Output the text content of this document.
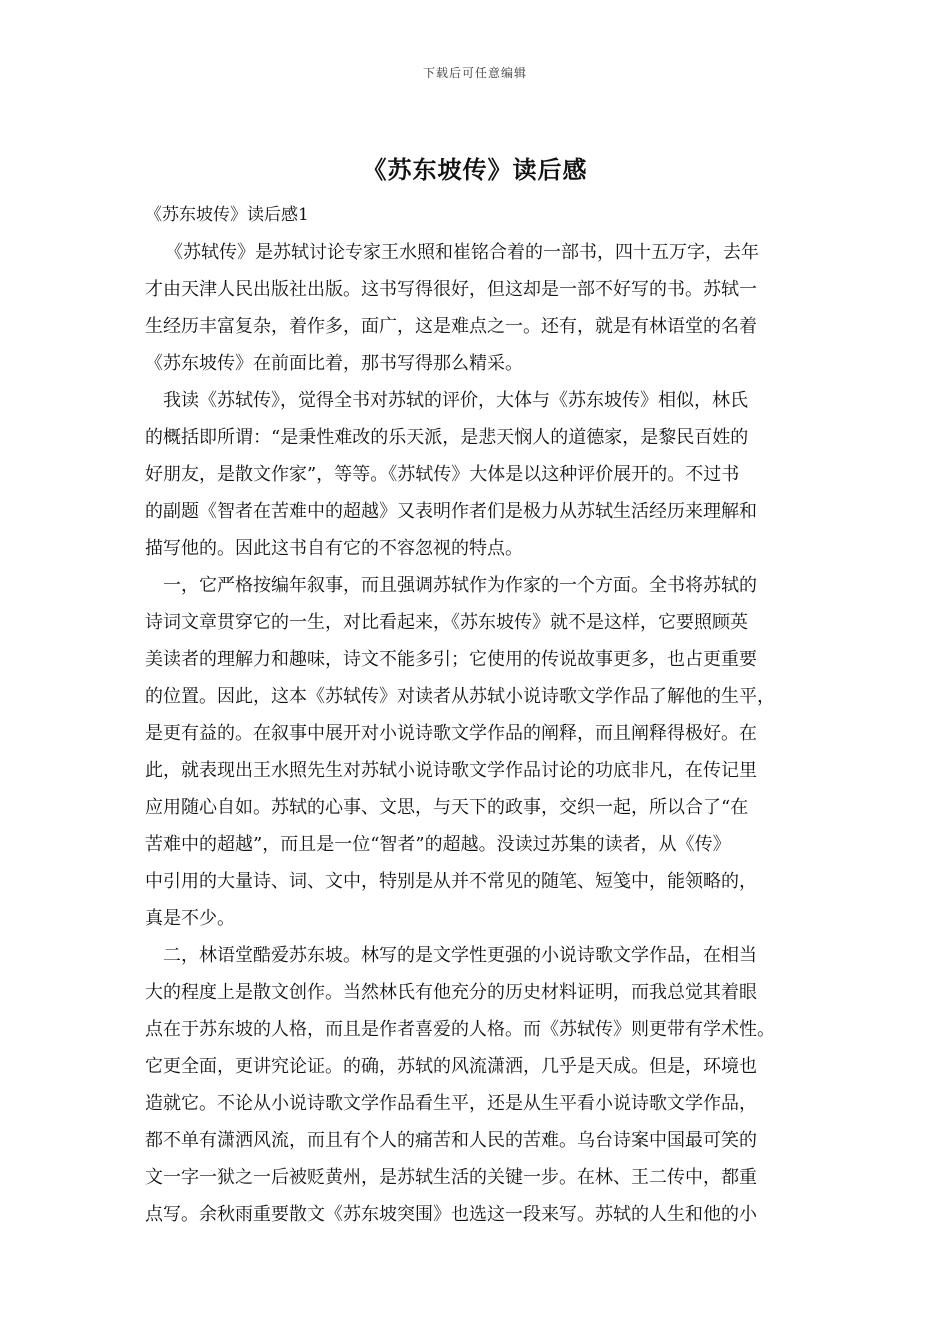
下载后可任意编辑
《苏东坡传》读后感
《苏东坡传》读后感1
《苏轼传》是苏轼讨论专家王水照和崔铭合着的一部书，四十五万字，去年
才由天津人民出版社出版。这书写得很好，但这却是一部不好写的书。苏轼一
生经历丰富复杂，着作多，面广，这是难点之一。还有，就是有林语堂的名着
《苏东坡传》在前面比着，那书写得那么精采。
我读《苏轼传》，觉得全书对苏轼的评价，大体与《苏东坡传》相似，林氏
的概括即所谓：“是秉性难改的乐天派，是悲天悯人的道德家，是黎民百姓的
好朋友，是散文作家”，等等。《苏轼传》大体是以这种评价展开的。不过书
的副题《智者在苦难中的超越》又表明作者们是极力从苏轼生活经历来理解和
描写他的。因此这书自有它的不容忽视的特点。
一，它严格按编年叙事，而且强调苏轼作为作家的一个方面。全书将苏轼的
诗词文章贯穿它的一生，对比看起来，《苏东坡传》就不是这样，它要照顾英
美读者的理解力和趣味，诗文不能多引；它使用的传说故事更多，也占更重要
的位置。因此，这本《苏轼传》对读者从苏轼小说诗歌文学作品了解他的生平，
是更有益的。在叙事中展开对小说诗歌文学作品的阐释，而且阐释得极好。在
此，就表现出王水照先生对苏轼小说诗歌文学作品讨论的功底非凡，在传记里
应用随心自如。苏轼的心事、文思，与天下的政事，交织一起，所以合了“在
苦难中的超越”，而且是一位“智者”的超越。没读过苏集的读者，从《传》
中引用的大量诗、词、文中，特别是从并不常见的随笔、短笺中，能领略的，
真是不少。
二，林语堂酷爱苏东坡。林写的是文学性更强的小说诗歌文学作品，在相当
大的程度上是散文创作。当然林氏有他充分的历史材料证明，而我总觉其着眼
点在于苏东坡的人格，而且是作者喜爱的人格。而《苏轼传》则更带有学术性。
它更全面，更讲究论证。的确，苏轼的风流潇洒，几乎是天成。但是，环境也
造就它。不论从小说诗歌文学作品看生平，还是从生平看小说诗歌文学作品，
都不单有潇洒风流，而且有个人的痛苦和人民的苦难。乌台诗案中国最可笑的
文一字一狱之一后被贬黄州，是苏轼生活的关键一步。在林、王二传中，都重
点写。余秋雨重要散文《苏东坡突围》也选这一段来写。苏轼的人生和他的小
